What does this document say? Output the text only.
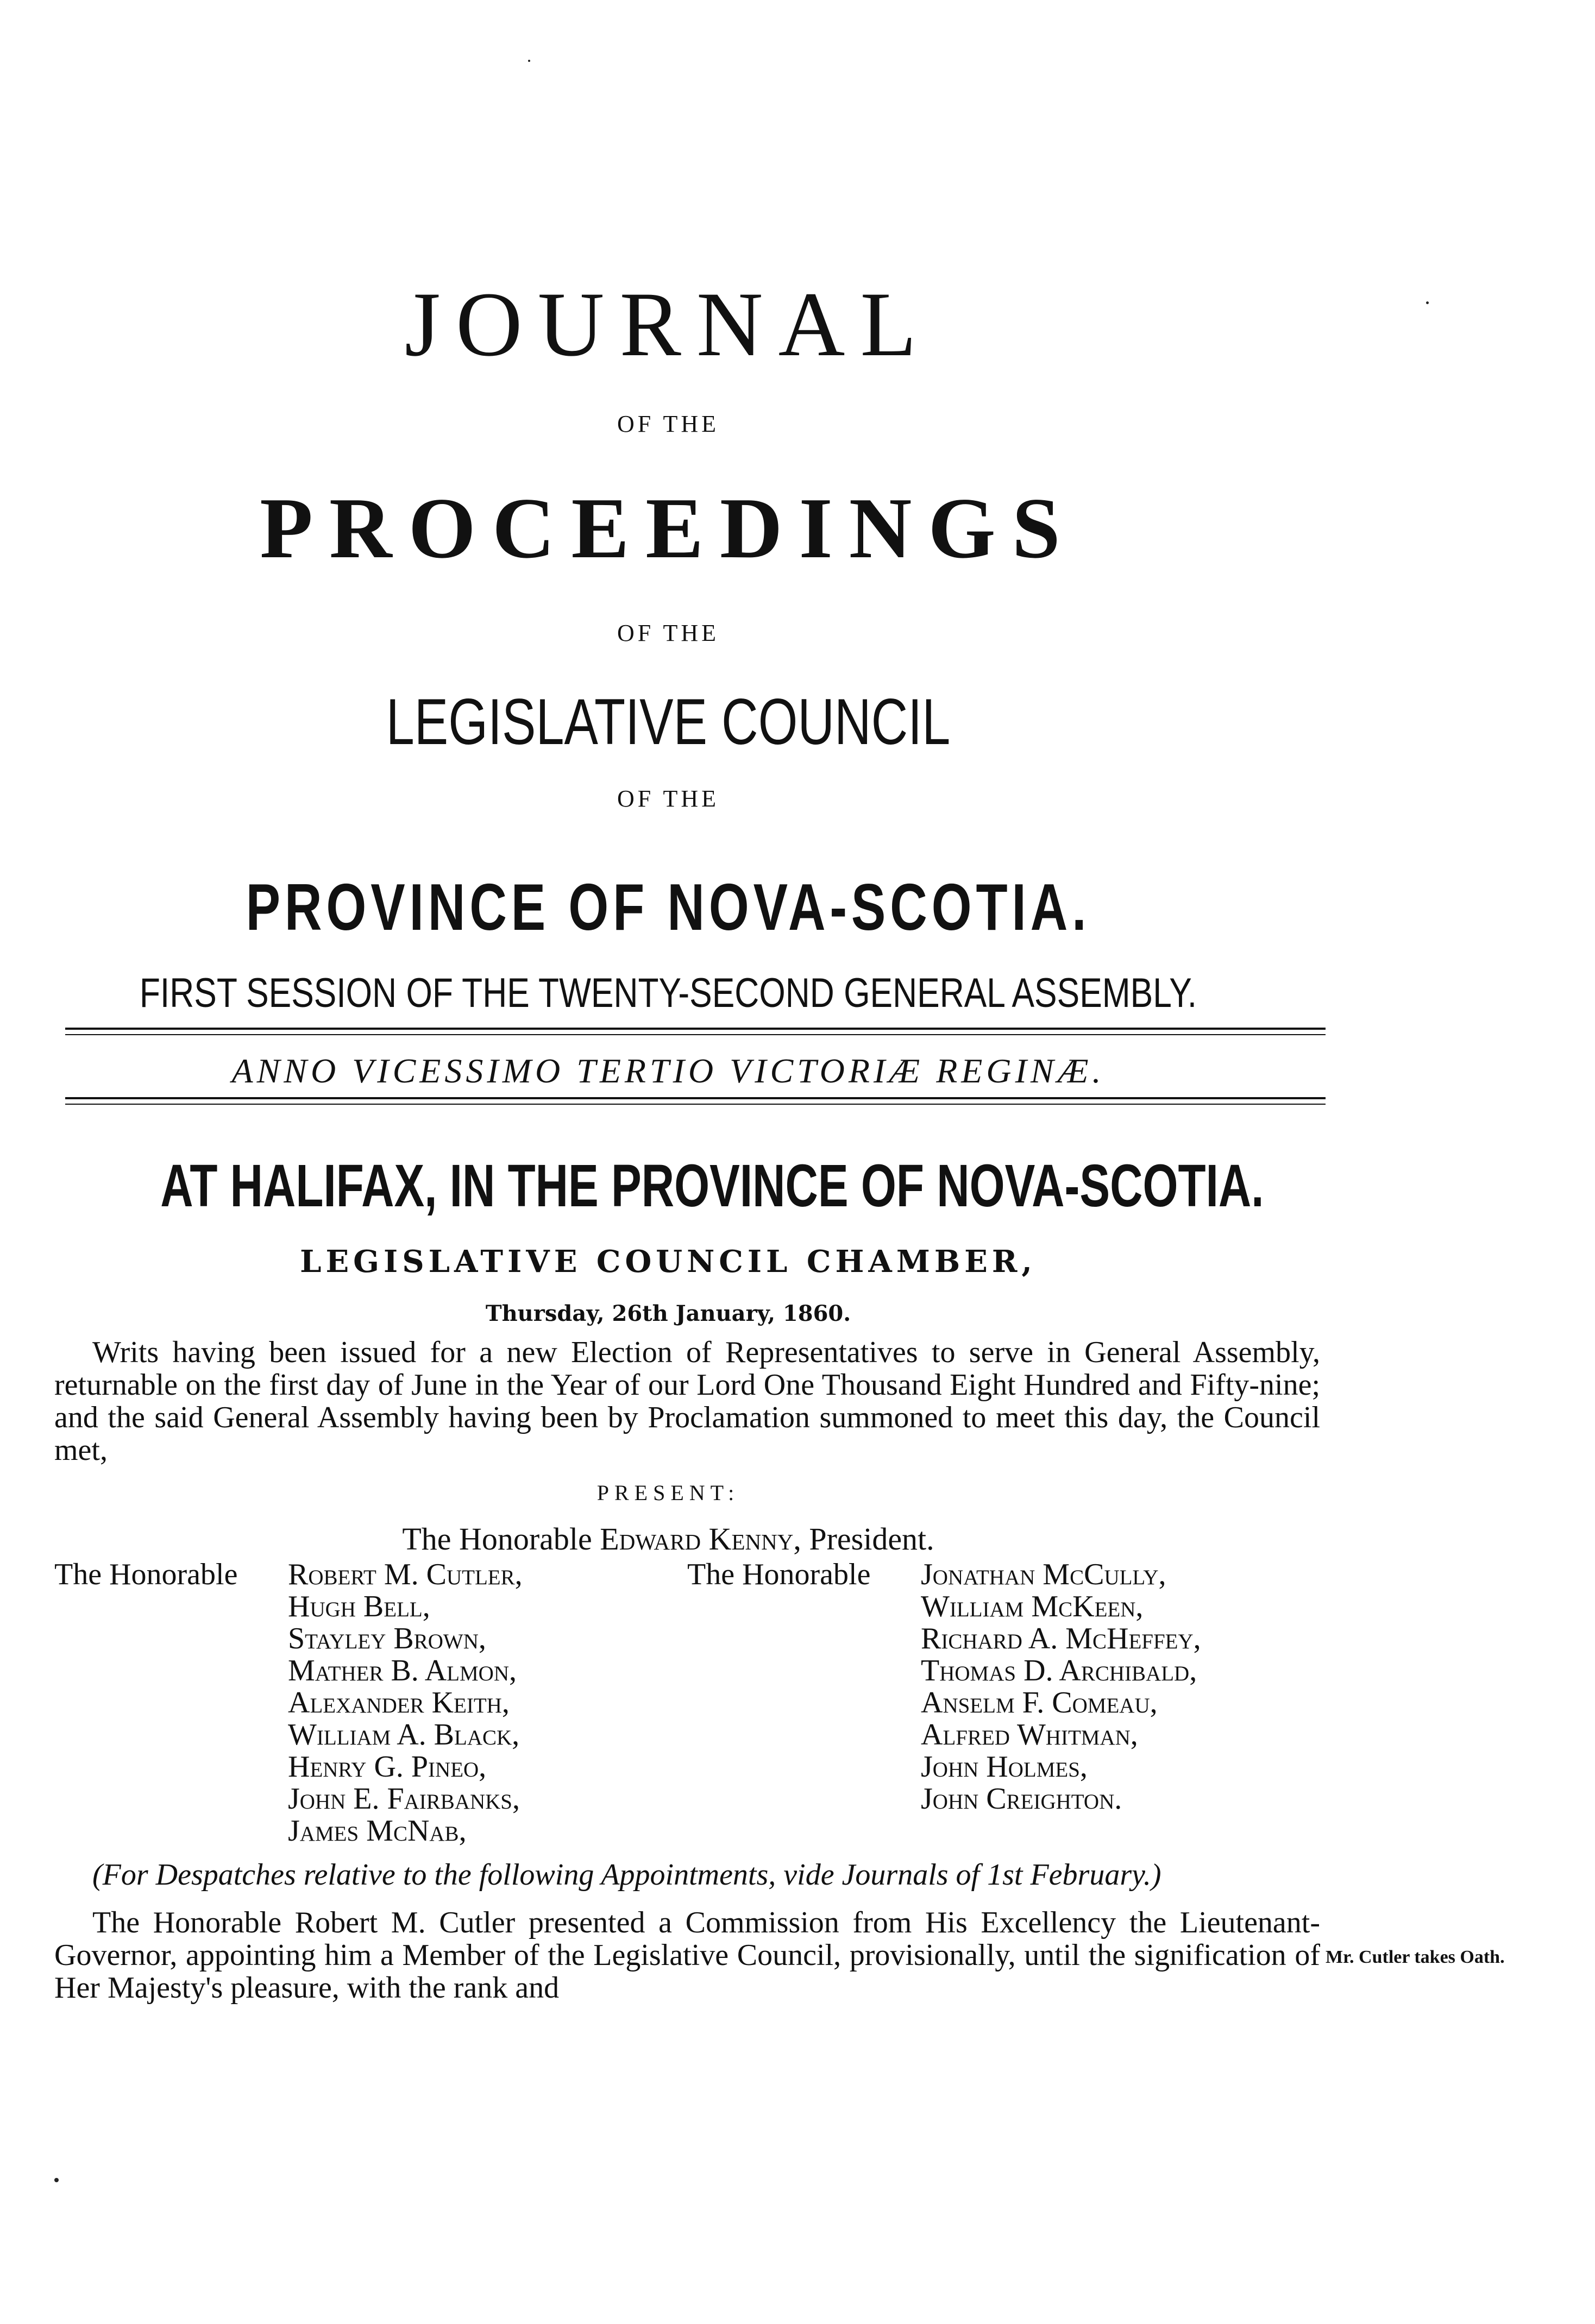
JOURNAL
OF THE
PROCEEDINGS
OF THE
LEGISLATIVE COUNCIL
OF THE
PROVINCE OF NOVA-SCOTIA.
FIRST SESSION OF THE TWENTY-SECOND GENERAL ASSEMBLY.
ANNO VICESSIMO TERTIO VICTORIÆ REGINÆ.
AT HALIFAX, IN THE PROVINCE OF NOVA-SCOTIA.
LEGISLATIVE COUNCIL CHAMBER,
Thursday, 26th January, 1860.

Writs having been issued for a new Election of Representatives to serve in General Assembly, returnable on the first day of June in the Year of our Lord One Thousand Eight Hundred and Fifty-nine; and the said General Assembly having been by Proclamation summoned to meet this day, the Council met,

PRESENT:
The Honorable Edward Kenny, President.
The Honorable Robert M. Cutler,
Hugh Bell,
Stayley Brown,
Mather B. Almon,
Alexander Keith,
William A. Black,
Henry G. Pineo,
John E. Fairbanks,
James McNab,
The Honorable Jonathan McCully,
William McKeen,
Richard A. McHeffey,
Thomas D. Archibald,
Anselm F. Comeau,
Alfred Whitman,
John Holmes,
John Creighton.
(For Despatches relative to the following Appointments, vide Journals of 1st February.)

The Honorable Robert M. Cutler presented a Commission from His Excellency the Lieutenant-Governor, appointing him a Member of the Legislative Council, provisionally, until the signification of Her Majesty's pleasure, with the rank and

Mr. Cutler takes Oath.
